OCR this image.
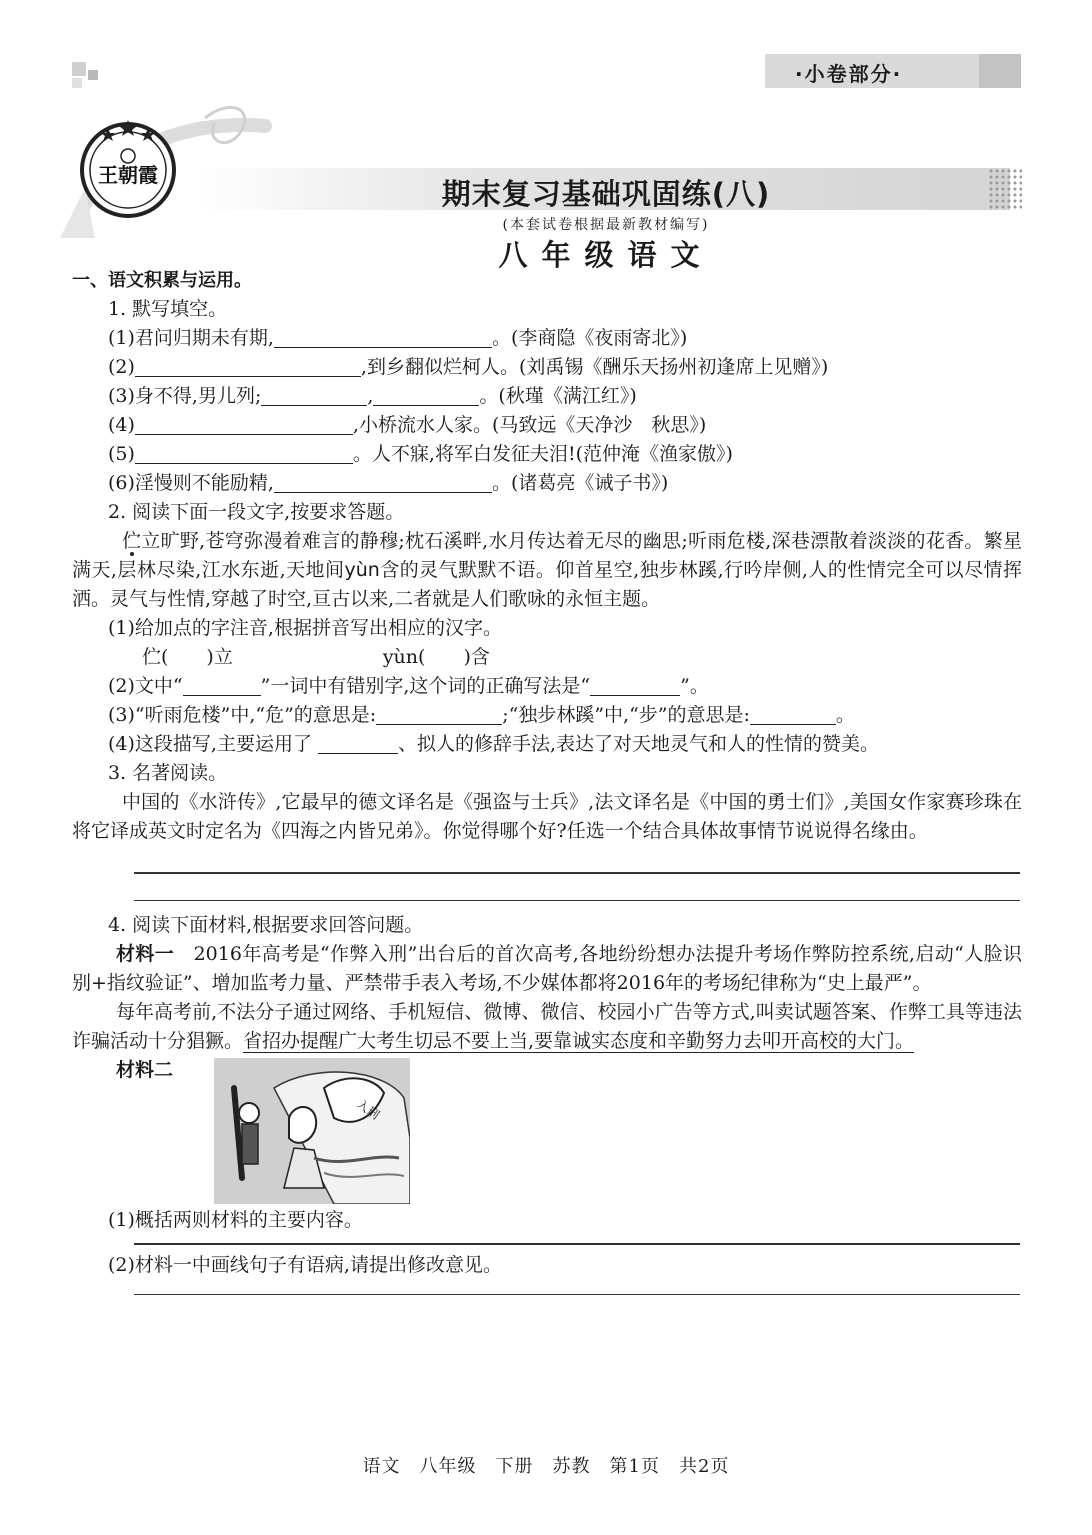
·小卷部分·
王朝霞
期末复习基础巩固练(八)
(本套试卷根据最新教材编写)
八年级语文
一、语文积累与运用。
1. 默写填空。
(1)君问归期未有期,	。(李商隐《夜雨寄北》)
(2)	,到乡翻似烂柯人。(刘禹锡《酬乐天扬州初逢席上见赠》)
(3)身不得,男儿列;	,	。(秋瑾《满江红》)
(4)	,小桥流水人家。(马致远《天净沙　秋思》)
(5)	。人不寐,将军白发征夫泪!(范仲淹《渔家傲》)
(6)淫慢则不能励精,	。(诸葛亮《诫子书》)
2. 阅读下面一段文字,按要求答题。
伫立旷野,苍穹弥漫着难言的静穆;枕石溪畔,水月传达着无尽的幽思;听雨危楼,深巷漂散着淡淡的花香。繁星满天,层林尽染,江水东逝,天地间yùn含的灵气默默不语。仰首星空,独步林蹊,行吟岸侧,人的性情完全可以尽情挥洒。灵气与性情,穿越了时空,亘古以来,二者就是人们歌咏的永恒主题。
(1)给加点的字注音,根据拼音写出相应的汉字。
伫(　　)立	yùn(　　)含
(2)文中“	”一词中有错别字,这个词的正确写法是“	”。
(3)“听雨危楼”中,“危”的意思是:	;“独步林蹊”中,“步”的意思是:	。
(4)这段描写,主要运用了	、拟人的修辞手法,表达了对天地灵气和人的性情的赞美。
3. 名著阅读。
中国的《水浒传》,它最早的德文译名是《强盗与士兵》,法文译名是《中国的勇士们》,美国女作家赛珍珠在将它译成英文时定名为《四海之内皆兄弟》。你觉得哪个好?任选一个结合具体故事情节说说得名缘由。
4. 阅读下面材料,根据要求回答问题。
材料一　2016年高考是“作弊入刑”出台后的首次高考,各地纷纷想办法提升考场作弊防控系统,启动“人脸识别+指纹验证”、增加监考力量、严禁带手表入考场,不少媒体都将2016年的考场纪律称为“史上最严”。
每年高考前,不法分子通过网络、手机短信、微博、微信、校园小广告等方式,叫卖试题答案、作弊工具等违法诈骗活动十分猖獗。省招办提醒广大考生切忌不要上当,要靠诚实态度和辛勤努力去叩开高校的大门。
材料二
入刑
(1)概括两则材料的主要内容。
(2)材料一中画线句子有语病,请提出修改意见。
语文　八年级　下册　苏教　第1页　共2页
